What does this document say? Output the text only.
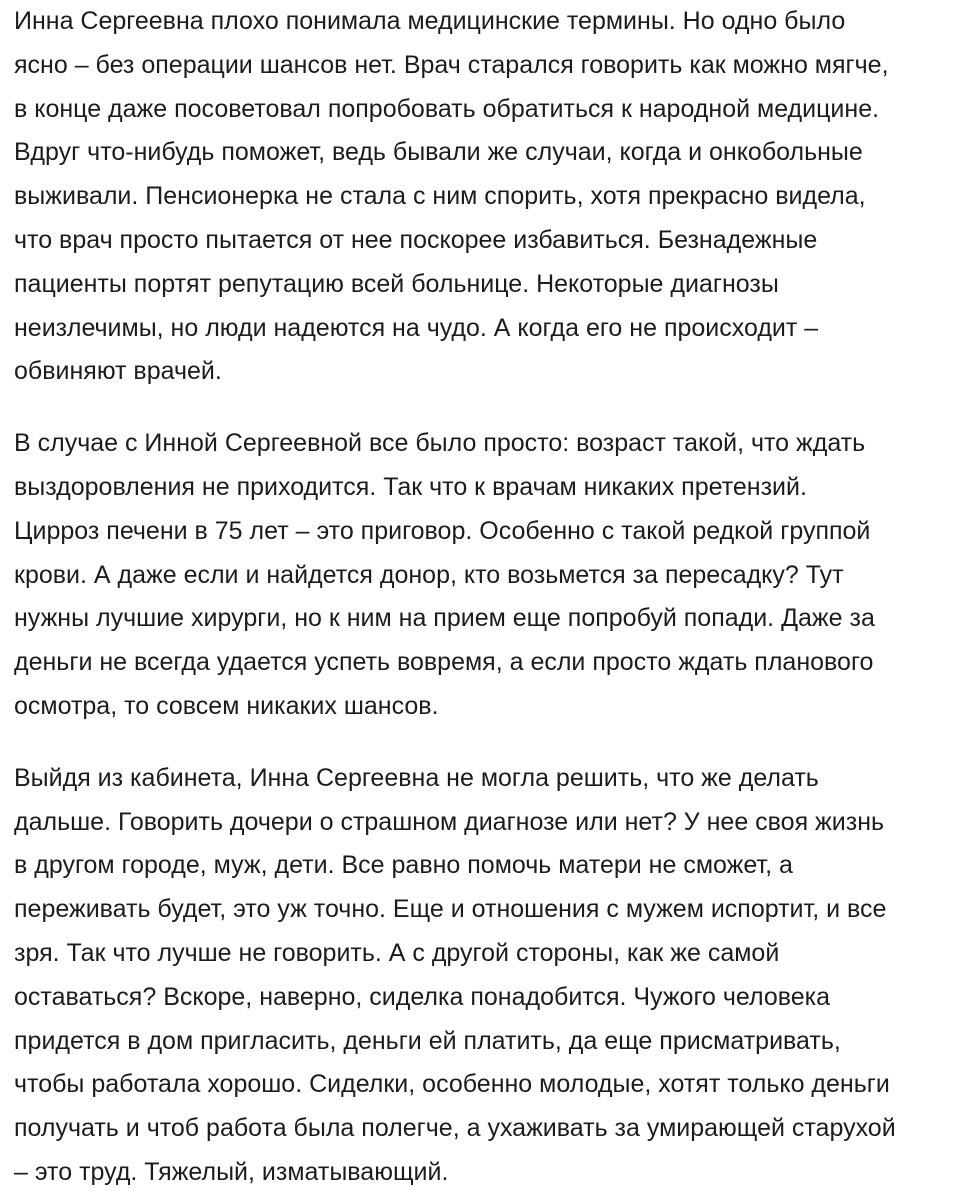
Инна Сергеевна плохо понимала медицинские термины. Но одно было
ясно – без операции шансов нет. Врач старался говорить как можно мягче,
в конце даже посоветовал попробовать обратиться к народной медицине.
Вдруг что-нибудь поможет, ведь бывали же случаи, когда и онкобольные
выживали. Пенсионерка не стала с ним спорить, хотя прекрасно видела,
что врач просто пытается от нее поскорее избавиться. Безнадежные
пациенты портят репутацию всей больнице. Некоторые диагнозы
неизлечимы, но люди надеются на чудо. А когда его не происходит –
обвиняют врачей.
В случае с Инной Сергеевной все было просто: возраст такой, что ждать
выздоровления не приходится. Так что к врачам никаких претензий.
Цирроз печени в 75 лет – это приговор. Особенно с такой редкой группой
крови. А даже если и найдется донор, кто возьмется за пересадку? Тут
нужны лучшие хирурги, но к ним на прием еще попробуй попади. Даже за
деньги не всегда удается успеть вовремя, а если просто ждать планового
осмотра, то совсем никаких шансов.
Выйдя из кабинета, Инна Сергеевна не могла решить, что же делать
дальше. Говорить дочери о страшном диагнозе или нет? У нее своя жизнь
в другом городе, муж, дети. Все равно помочь матери не сможет, а
переживать будет, это уж точно. Еще и отношения с мужем испортит, и все
зря. Так что лучше не говорить. А с другой стороны, как же самой
оставаться? Вскоре, наверно, сиделка понадобится. Чужого человека
придется в дом пригласить, деньги ей платить, да еще присматривать,
чтобы работала хорошо. Сиделки, особенно молодые, хотят только деньги
получать и чтоб работа была полегче, а ухаживать за умирающей старухой
– это труд. Тяжелый, изматывающий.
